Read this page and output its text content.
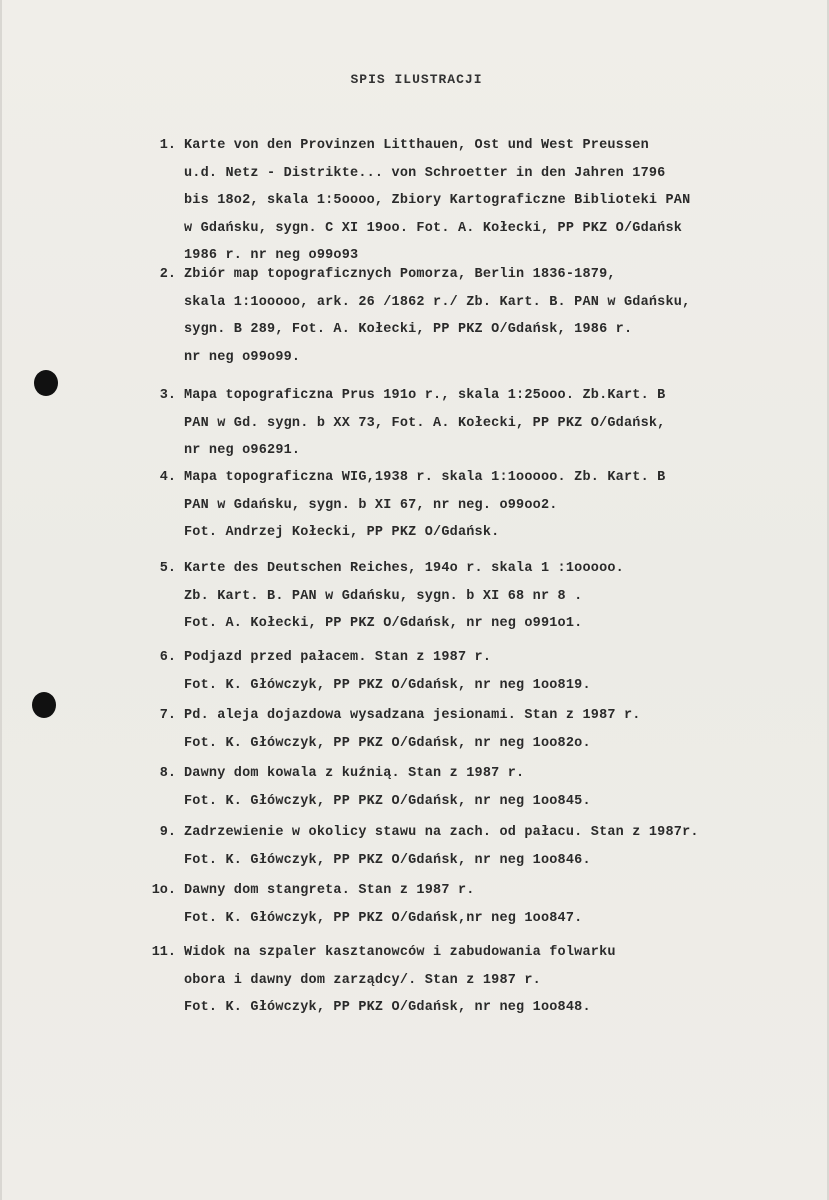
SPIS ILUSTRACJI
1. Karte von den Provinzen Litthauen, Ost und West Preussen
u.d. Netz - Distrikte... von Schroetter in den Jahren 1796
bis 18o2, skala 1:5oooo, Zbiory Kartograficzne Biblioteki PAN
w Gdańsku, sygn. C XI 19oo. Fot. A. Kołecki, PP PKZ O/Gdańsk
1986 r. nr neg o99o93
2. Zbiór map topograficznych Pomorza, Berlin 1836-1879,
skala 1:1ooooo, ark. 26 /1862 r./ Zb. Kart. B. PAN w Gdańsku,
sygn. B 289, Fot. A. Kołecki, PP PKZ O/Gdańsk, 1986 r.
nr neg o99o99.
3. Mapa topograficzna Prus 191o r., skala 1:25ooo. Zb.Kart. B
PAN w Gd. sygn. b XX 73, Fot. A. Kołecki, PP PKZ O/Gdańsk,
nr neg o96291.
4. Mapa topograficzna WIG,1938 r. skala 1:1ooooo. Zb. Kart. B
PAN w Gdańsku, sygn. b XI 67, nr neg. o99oo2.
Fot. Andrzej Kołecki, PP PKZ O/Gdańsk.
5. Karte des Deutschen Reiches, 194o r. skala 1 :1ooooo.
Zb. Kart. B. PAN w Gdańsku, sygn. b XI 68 nr 8 .
Fot. A. Kołecki, PP PKZ O/Gdańsk, nr neg o991o1.
6. Podjazd przed pałacem. Stan z 1987 r.
Fot. K. Główczyk, PP PKZ O/Gdańsk, nr neg 1oo819.
7. Pd. aleja dojazdowa wysadzana jesionami. Stan z 1987 r.
Fot. K. Główczyk, PP PKZ O/Gdańsk, nr neg 1oo82o.
8. Dawny dom kowala z kuźnią. Stan z 1987 r.
Fot. K. Główczyk, PP PKZ O/Gdańsk, nr neg 1oo845.
9. Zadrzewienie w okolicy stawu na zach. od pałacu. Stan z 1987r.
Fot. K. Główczyk, PP PKZ O/Gdańsk, nr neg 1oo846.
1o. Dawny dom stangreta. Stan z 1987 r.
Fot. K. Główczyk, PP PKZ O/Gdańsk,nr neg 1oo847.
11. Widok na szpaler kasztanowców i zabudowania folwarku
obora i dawny dom zarządcy/. Stan z 1987 r.
Fot. K. Główczyk, PP PKZ O/Gdańsk, nr neg 1oo848.
